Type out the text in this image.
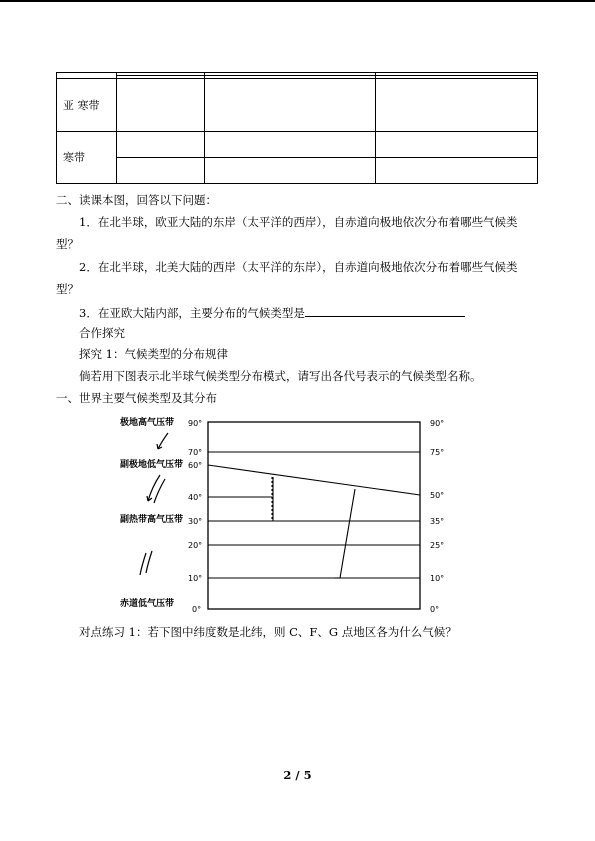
亚 寒带			
寒带			

二、读课本图，回答以下问题：
1．在北半球，欧亚大陆的东岸（太平洋的西岸），自赤道向极地依次分布着哪些气候类
型？
2．在北半球，北美大陆的西岸（太平洋的东岸），自赤道向极地依次分布着哪些气候类
型？
3．在亚欧大陆内部，主要分布的气候类型是
合作探究
探究 1：气候类型的分布规律
倘若用下图表示北半球气候类型分布模式，请写出各代号表示的气候类型名称。
一、世界主要气候类型及其分布
极地高气压带
副极地低气压带
副热带高气压带
赤道低气压带
90°
70°
60°
40°
30°
20°
10°
0°
90°
75°
50°
35°
25°
10°
0°
对点练习 1：若下图中纬度数是北纬，则 C、F、G 点地区各为什么气候？
2 / 5
